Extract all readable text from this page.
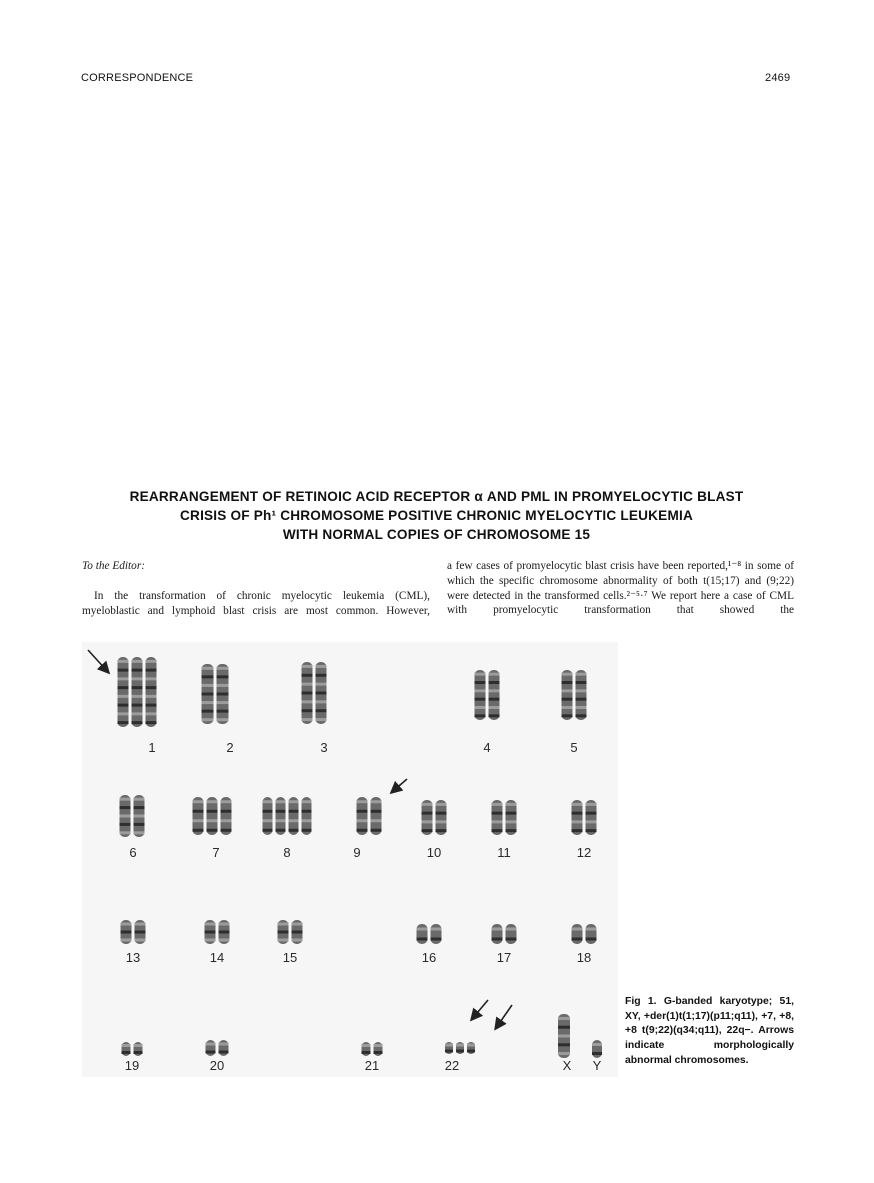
CORRESPONDENCE	2469
REARRANGEMENT OF RETINOIC ACID RECEPTOR α AND PML IN PROMYELOCYTIC BLAST
CRISIS OF Ph¹ CHROMOSOME POSITIVE CHRONIC MYELOCYTIC LEUKEMIA
WITH NORMAL COPIES OF CHROMOSOME 15

To the Editor:

In the transformation of chronic myelocytic leukemia (CML), myeloblastic and lymphoid blast crisis are most common. However,

a few cases of promyelocytic blast crisis have been reported,¹⁻⁸ in some of which the specific chromosome abnormality of both t(15;17) and (9;22) were detected in the transformed cells.²⁻⁵·⁷ We report here a case of CML with promyelocytic transformation that showed the

1	2	3	4	5
6	7	8	9	10	11	12
13	14	15	16	17	18
19	20	21	22	X Y
Fig 1. G-banded karyotype; 51, XY, +der(1)t(1;17)(p11;q11), +7, +8, +8 t(9;22)(q34;q11), 22q−. Arrows indicate morphologically abnormal chromosomes.
